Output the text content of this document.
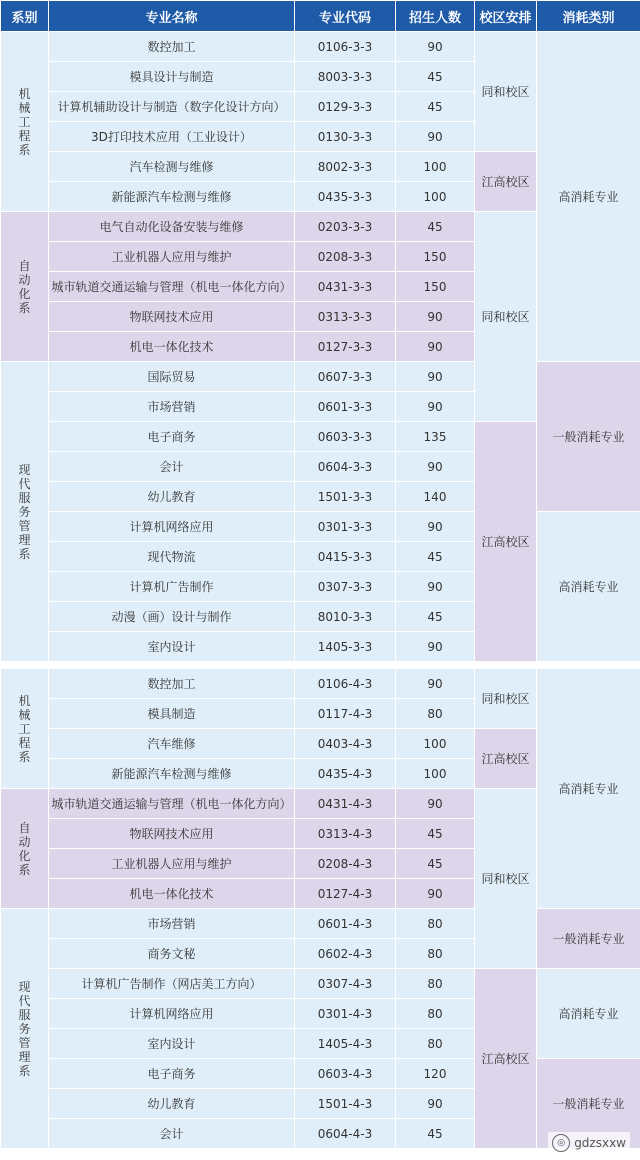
系别	专业名称	专业代码	招生人数	校区安排	消耗类别
机械工程系	数控加工	0106-3-3	90	同和校区	高消耗专业
	模具设计与制造	8003-3-3	45		
	计算机辅助设计与制造（数字化设计方向）	0129-3-3	45		
	3D打印技术应用（工业设计）	0130-3-3	90		
	汽车检测与维修	8002-3-3	100	江高校区	
	新能源汽车检测与维修	0435-3-3	100		
自动化系	电气自动化设备安装与维修	0203-3-3	45	同和校区	
	工业机器人应用与维护	0208-3-3	150		
	城市轨道交通运输与管理（机电一体化方向）	0431-3-3	150		
	物联网技术应用	0313-3-3	90		
	机电一体化技术	0127-3-3	90		
现代服务管理系	国际贸易	0607-3-3	90		一般消耗专业
	市场营销	0601-3-3	90		
	电子商务	0603-3-3	135	江高校区	
	会计	0604-3-3	90		
	幼儿教育	1501-3-3	140		
	计算机网络应用	0301-3-3	90		高消耗专业
	现代物流	0415-3-3	45		
	计算机广告制作	0307-3-3	90		
	动漫（画）设计与制作	8010-3-3	45		
	室内设计	1405-3-3	90		

机械工程系	数控加工	0106-4-3	90	同和校区	高消耗专业
	模具制造	0117-4-3	80		
	汽车维修	0403-4-3	100	江高校区	
	新能源汽车检测与维修	0435-4-3	100		
自动化系	城市轨道交通运输与管理（机电一体化方向）	0431-4-3	90	同和校区	
	物联网技术应用	0313-4-3	45		
	工业机器人应用与维护	0208-4-3	45		
	机电一体化技术	0127-4-3	90		
现代服务管理系	市场营销	0601-4-3	80		一般消耗专业
	商务文秘	0602-4-3	80		
	计算机广告制作（网店美工方向）	0307-4-3	80	江高校区	高消耗专业
	计算机网络应用	0301-4-3	80		
	室内设计	1405-4-3	80		
	电子商务	0603-4-3	120		一般消耗专业
	幼儿教育	1501-4-3	90		
	会计	0604-4-3	45		
◎ gdzsxxw
